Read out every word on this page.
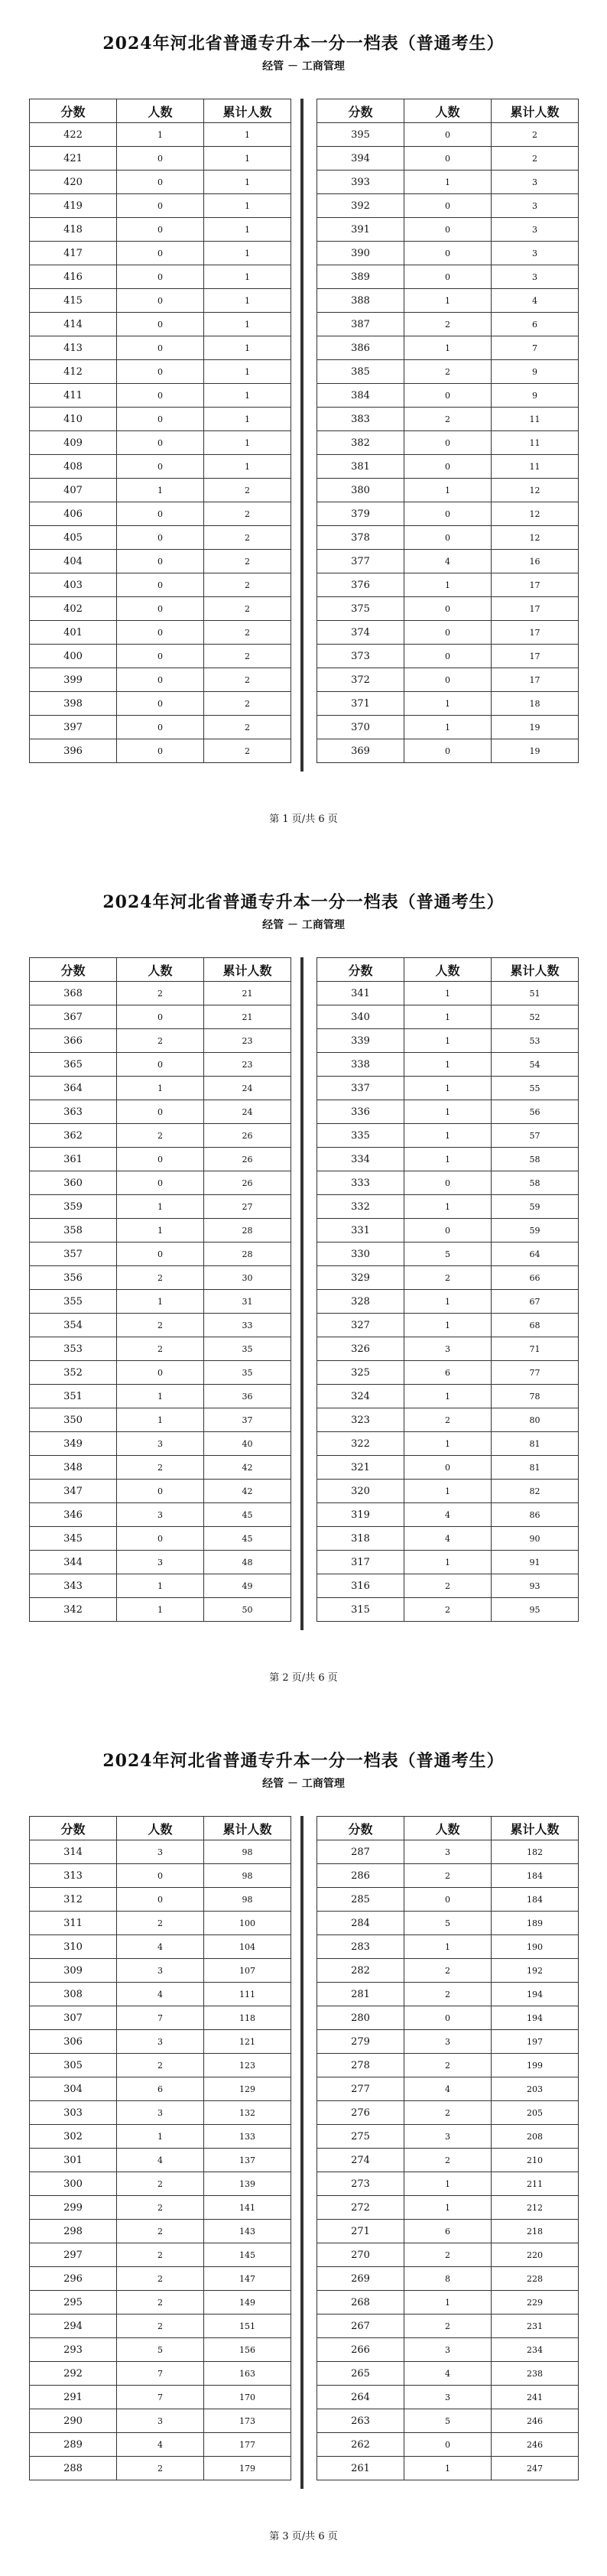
2024年河北省普通专升本一分一档表（普通考生）
经管 － 工商管理
分数	人数	累计人数
422	1	1
421	0	1
420	0	1
419	0	1
418	0	1
417	0	1
416	0	1
415	0	1
414	0	1
413	0	1
412	0	1
411	0	1
410	0	1
409	0	1
408	0	1
407	1	2
406	0	2
405	0	2
404	0	2
403	0	2
402	0	2
401	0	2
400	0	2
399	0	2
398	0	2
397	0	2
396	0	2
分数	人数	累计人数
395	0	2
394	0	2
393	1	3
392	0	3
391	0	3
390	0	3
389	0	3
388	1	4
387	2	6
386	1	7
385	2	9
384	0	9
383	2	11
382	0	11
381	0	11
380	1	12
379	0	12
378	0	12
377	4	16
376	1	17
375	0	17
374	0	17
373	0	17
372	0	17
371	1	18
370	1	19
369	0	19
第 1 页/共 6 页
2024年河北省普通专升本一分一档表（普通考生）
经管 － 工商管理
分数	人数	累计人数
368	2	21
367	0	21
366	2	23
365	0	23
364	1	24
363	0	24
362	2	26
361	0	26
360	0	26
359	1	27
358	1	28
357	0	28
356	2	30
355	1	31
354	2	33
353	2	35
352	0	35
351	1	36
350	1	37
349	3	40
348	2	42
347	0	42
346	3	45
345	0	45
344	3	48
343	1	49
342	1	50
分数	人数	累计人数
341	1	51
340	1	52
339	1	53
338	1	54
337	1	55
336	1	56
335	1	57
334	1	58
333	0	58
332	1	59
331	0	59
330	5	64
329	2	66
328	1	67
327	1	68
326	3	71
325	6	77
324	1	78
323	2	80
322	1	81
321	0	81
320	1	82
319	4	86
318	4	90
317	1	91
316	2	93
315	2	95
第 2 页/共 6 页
2024年河北省普通专升本一分一档表（普通考生）
经管 － 工商管理
分数	人数	累计人数
314	3	98
313	0	98
312	0	98
311	2	100
310	4	104
309	3	107
308	4	111
307	7	118
306	3	121
305	2	123
304	6	129
303	3	132
302	1	133
301	4	137
300	2	139
299	2	141
298	2	143
297	2	145
296	2	147
295	2	149
294	2	151
293	5	156
292	7	163
291	7	170
290	3	173
289	4	177
288	2	179
分数	人数	累计人数
287	3	182
286	2	184
285	0	184
284	5	189
283	1	190
282	2	192
281	2	194
280	0	194
279	3	197
278	2	199
277	4	203
276	2	205
275	3	208
274	2	210
273	1	211
272	1	212
271	6	218
270	2	220
269	8	228
268	1	229
267	2	231
266	3	234
265	4	238
264	3	241
263	5	246
262	0	246
261	1	247
第 3 页/共 6 页
